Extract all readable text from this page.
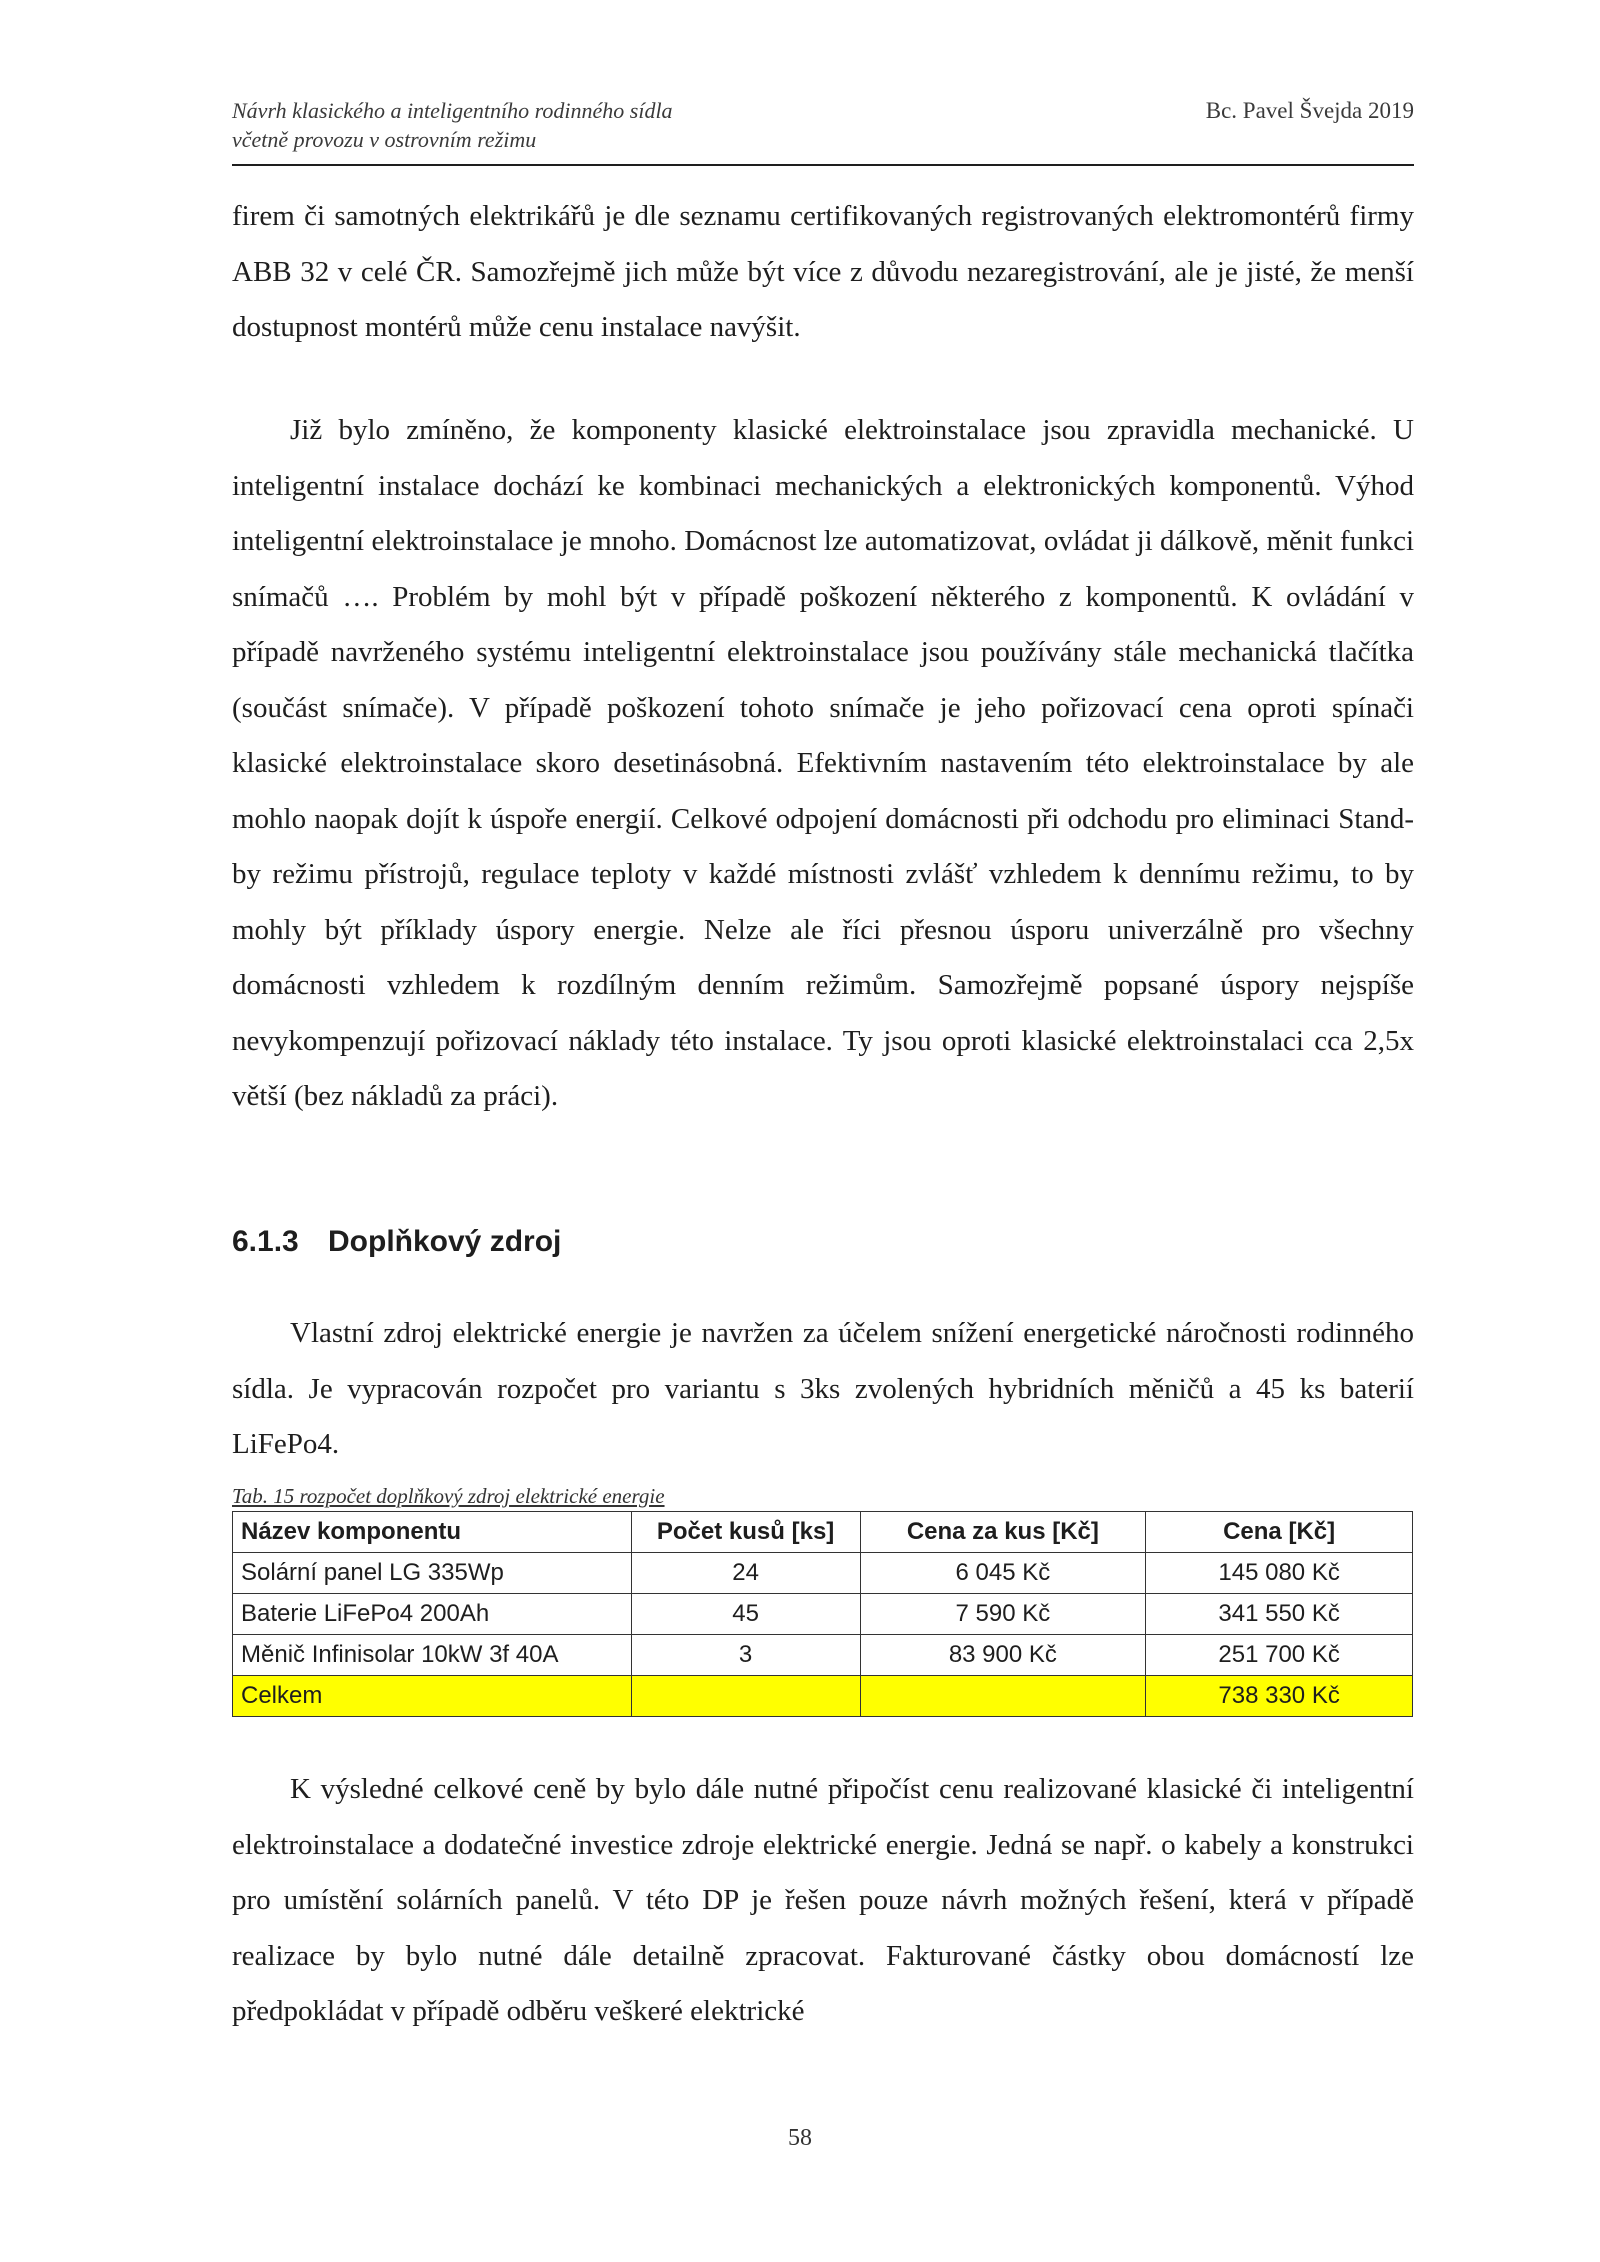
Návrh klasického a inteligentního rodinného sídla
včetně provozu v ostrovním režimu
Bc. Pavel Švejda 2019

firem či samotných elektrikářů je dle seznamu certifikovaných registrovaných elektromontérů firmy ABB 32 v celé ČR. Samozřejmě jich může být více z důvodu nezaregistrování, ale je jisté, že menší dostupnost montérů může cenu instalace navýšit.

Již bylo zmíněno, že komponenty klasické elektroinstalace jsou zpravidla mechanické. U inteligentní instalace dochází ke kombinaci mechanických a elektronických komponentů. Výhod inteligentní elektroinstalace je mnoho. Domácnost lze automatizovat, ovládat ji dálkově, měnit funkci snímačů …. Problém by mohl být v případě poškození některého z komponentů. K ovládání v případě navrženého systému inteligentní elektroinstalace jsou používány stále mechanická tlačítka (součást snímače). V případě poškození tohoto snímače je jeho pořizovací cena oproti spínači klasické elektroinstalace skoro desetinásobná. Efektivním nastavením této elektroinstalace by ale mohlo naopak dojít k úspoře energií. Celkové odpojení domácnosti při odchodu pro eliminaci Stand-by režimu přístrojů, regulace teploty v každé místnosti zvlášť vzhledem k dennímu režimu, to by mohly být příklady úspory energie. Nelze ale říci přesnou úsporu univerzálně pro všechny domácnosti vzhledem k rozdílným denním režimům. Samozřejmě popsané úspory nejspíše nevykompenzují pořizovací náklady této instalace. Ty jsou oproti klasické elektroinstalaci cca 2,5x větší (bez nákladů za práci).

6.1.3 Doplňkový zdroj

Vlastní zdroj elektrické energie je navržen za účelem snížení energetické náročnosti rodinného sídla. Je vypracován rozpočet pro variantu s 3ks zvolených hybridních měničů a 45 ks baterií LiFePo4.

Tab. 15 rozpočet doplňkový zdroj elektrické energie

Název komponentu	Počet kusů [ks]	Cena za kus [Kč]	Cena [Kč]
Solární panel LG 335Wp	24	6 045 Kč	145 080 Kč
Baterie LiFePo4 200Ah	45	7 590 Kč	341 550 Kč
Měnič Infinisolar 10kW 3f 40A	3	83 900 Kč	251 700 Kč
Celkem			738 330 Kč

K výsledné celkové ceně by bylo dále nutné připočíst cenu realizované klasické či inteligentní elektroinstalace a dodatečné investice zdroje elektrické energie. Jedná se např. o kabely a konstrukci pro umístění solárních panelů. V této DP je řešen pouze návrh možných řešení, která v případě realizace by bylo nutné dále detailně zpracovat. Fakturované částky obou domácností lze předpokládat v případě odběru veškeré elektrické

58
